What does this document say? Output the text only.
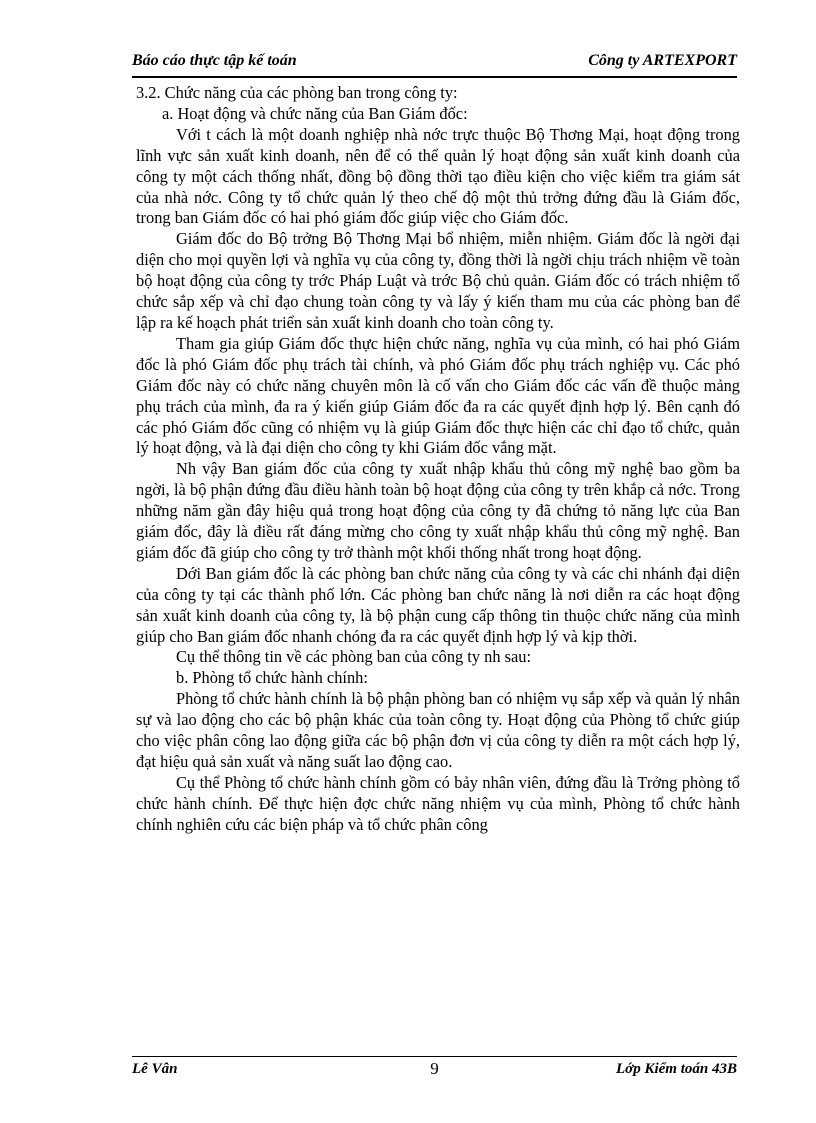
Báo cáo thực tập kế toán	Công ty ARTEXPORT

3.2. Chức năng của các phòng ban trong công ty:

a. Hoạt động và chức năng của Ban Giám đốc:

Với t cách là một doanh nghiệp nhà nớc trực thuộc Bộ Thơng Mại, hoạt động trong lĩnh vực sản xuất kinh doanh, nên để có thể quản lý hoạt động sản xuất kinh doanh của công ty một cách thống nhất, đồng bộ đồng thời tạo điều kiện cho việc kiểm tra giám sát của nhà nớc. Công ty tổ chức quản lý theo chế độ một thủ trởng đứng đầu là Giám đốc, trong ban Giám đốc có hai phó giám đốc giúp việc cho Giám đốc.

Giám đốc do Bộ trởng Bộ Thơng Mại bổ nhiệm, miễn nhiệm. Giám đốc là ngời đại diện cho mọi quyền lợi và nghĩa vụ của công ty, đồng thời là ngời chịu trách nhiệm về toàn bộ hoạt động của công ty trớc Pháp Luật và trớc Bộ chủ quản. Giám đốc có trách nhiệm tổ chức sắp xếp và chỉ đạo chung toàn công ty và lấy ý kiến tham mu của các phòng ban để lập ra kế hoạch phát triển sản xuất kinh doanh cho toàn công ty.

Tham gia giúp Giám đốc thực hiện chức năng, nghĩa vụ của mình, có hai phó Giám đốc là phó Giám đốc phụ trách tài chính, và phó Giám đốc phụ trách nghiệp vụ. Các phó Giám đốc này có chức năng chuyên môn là cố vấn cho Giám đốc các vấn đề thuộc mảng phụ trách của mình, đa ra ý kiến giúp Giám đốc đa ra các quyết định hợp lý. Bên cạnh đó các phó Giám đốc cũng có nhiệm vụ là giúp Giám đốc thực hiện các chỉ đạo tổ chức, quản lý hoạt động, và là đại diện cho công ty khi Giám đốc vắng mặt.

Nh vậy Ban giám đốc của công ty xuất nhập khẩu thủ công mỹ nghệ bao gồm ba ngời, là bộ phận đứng đầu điều hành toàn bộ hoạt động của công ty trên khắp cả nớc. Trong những năm gần đây hiệu quả trong hoạt động của công ty đã chứng tỏ năng lực của Ban giám đốc, đây là điều rất đáng mừng cho công ty xuất nhập khẩu thủ công mỹ nghệ. Ban giám đốc đã giúp cho công ty trở thành một khối thống nhất trong hoạt động.

Dới Ban giám đốc là các phòng ban chức năng của công ty và các chi nhánh đại diện của công ty tại các thành phố lớn. Các phòng ban chức năng là nơi diễn ra các hoạt động sản xuất kinh doanh của công ty, là bộ phận cung cấp thông tin thuộc chức năng của mình giúp cho Ban giám đốc nhanh chóng đa ra các quyết định hợp lý và kịp thời.

Cụ thể thông tin về các phòng ban của công ty nh sau:

b. Phòng tổ chức hành chính:

Phòng tổ chức hành chính là bộ phận phòng ban có nhiệm vụ sắp xếp và quản lý nhân sự và lao động cho các bộ phận khác của toàn công ty. Hoạt động của Phòng tổ chức giúp cho việc phân công lao động giữa các bộ phận đơn vị của công ty diễn ra một cách hợp lý, đạt hiệu quả sản xuất và năng suất lao động cao.

Cụ thể Phòng tổ chức hành chính gồm có bảy nhân viên, đứng đầu là Trởng phòng tổ chức hành chính. Để thực hiện đợc chức năng nhiệm vụ của mình, Phòng tổ chức hành chính nghiên cứu các biện pháp và tổ chức phân công

Lê Vân	9	Lớp Kiểm toán 43B
